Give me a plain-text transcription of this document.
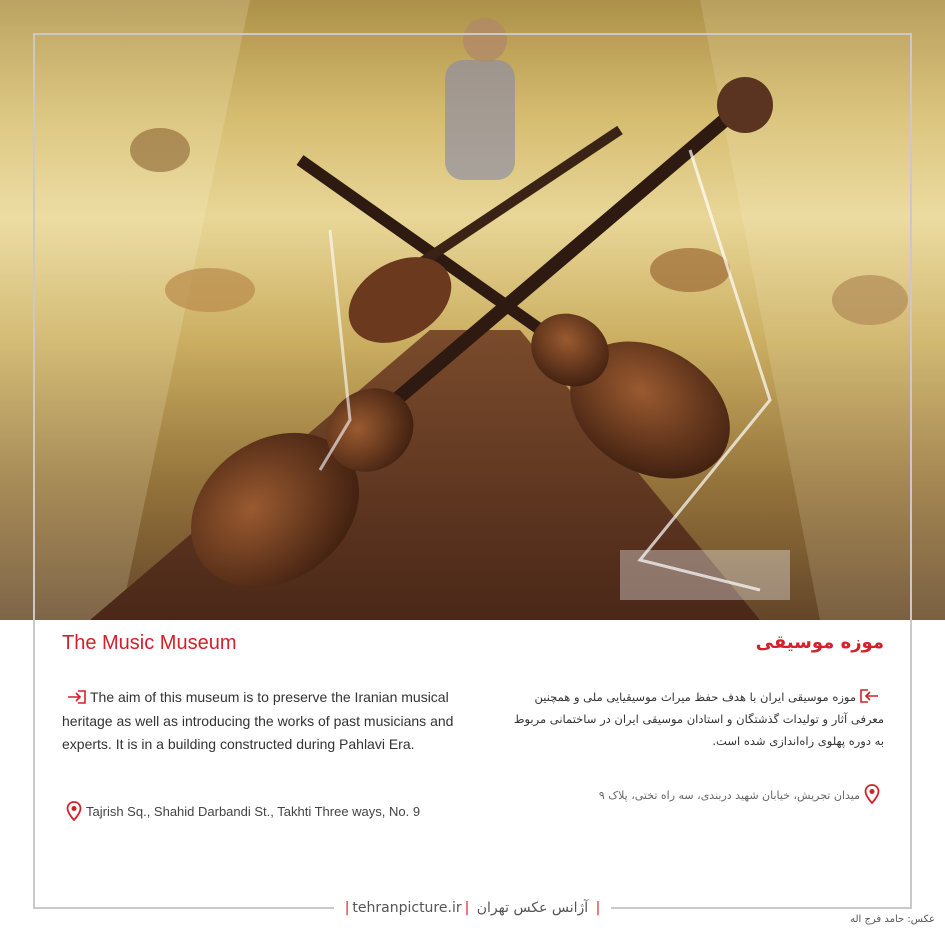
The Music Museum	موزه موسیقی

The aim of this museum is to preserve the Iranian musical heritage as well as introducing the works of past musicians and experts. It is in a building constructed during Pahlavi Era.

موزه موسیقی ایران با هدف حفظ میراث موسیقیایی ملی و همچنین معرفی آثار و تولیدات گذشتگان و استادان موسیقی ایران در ساختمانی مربوط به دوره پهلوی راه‌اندازی شده است.

Tajrish Sq., Shahid Darbandi St., Takhti Three ways, No. 9

میدان تجریش، خیابان شهید دربندی، سه راه تختی، پلاک ۹

| tehranpicture.ir | آژانس عکس تهران |
عکس: حامد فرج اله
